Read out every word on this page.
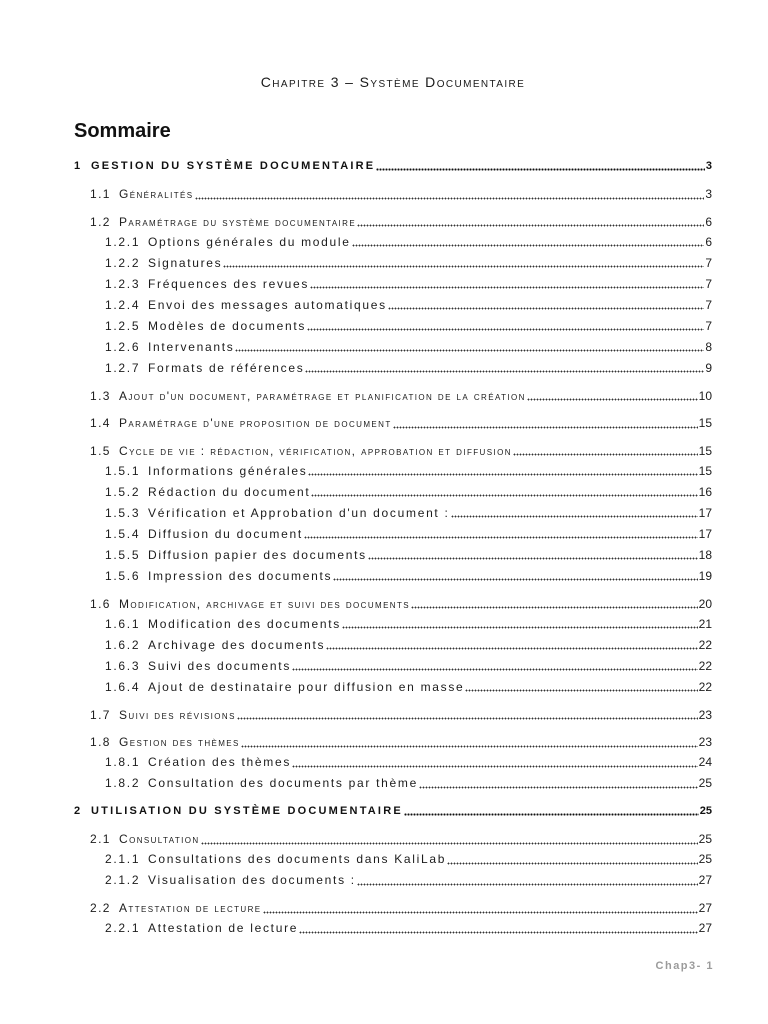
Chapitre 3 – Système Documentaire
Sommaire
1 GESTION DU SYSTÈME DOCUMENTAIRE	3
1.1 Généralités	3
1.2 Paramétrage du système documentaire	6
1.2.1 Options générales du module	6
1.2.2 Signatures	7
1.2.3 Fréquences des revues	7
1.2.4 Envoi des messages automatiques	7
1.2.5 Modèles de documents	7
1.2.6 Intervenants	8
1.2.7 Formats de références	9
1.3 Ajout d'un document, paramétrage et planification de la création	10
1.4 Paramétrage d'une proposition de document	15
1.5 Cycle de vie : rédaction, vérification, approbation et diffusion	15
1.5.1 Informations générales	15
1.5.2 Rédaction du document	16
1.5.3 Vérification et Approbation d'un document :	17
1.5.4 Diffusion du document	17
1.5.5 Diffusion papier des documents	18
1.5.6 Impression des documents	19
1.6 Modification, archivage et suivi des documents	20
1.6.1 Modification des documents	21
1.6.2 Archivage des documents	22
1.6.3 Suivi des documents	22
1.6.4 Ajout de destinataire pour diffusion en masse	22
1.7 Suivi des révisions	23
1.8 Gestion des thèmes	23
1.8.1 Création des thèmes	24
1.8.2 Consultation des documents par thème	25
2 UTILISATION DU SYSTÈME DOCUMENTAIRE	25
2.1 Consultation	25
2.1.1 Consultations des documents dans KaliLab	25
2.1.2 Visualisation des documents :	27
2.2 Attestation de lecture	27
2.2.1 Attestation de lecture	27
Chap3- 1
